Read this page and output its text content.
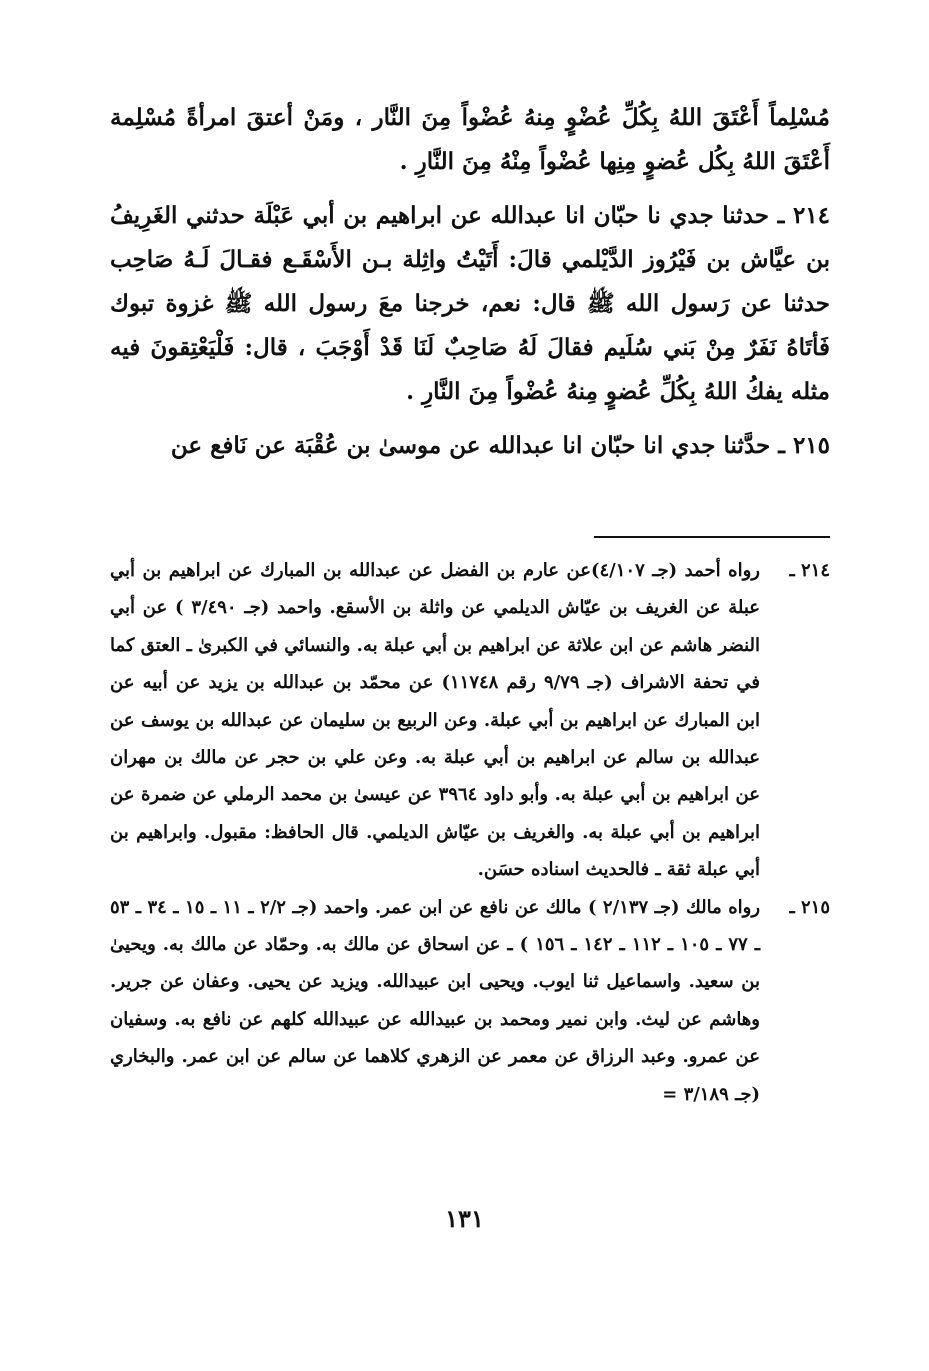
مُسْلِماً أَعْتَقَ اللهُ بِكُلِّ عُضْوٍ مِنهُ عُضْواً مِنَ النَّار ، ومَنْ أعتقَ امرأةً مُسْلِمة أَعْتَقَ اللهُ بِكُل عُضوٍ مِنِها عُضْواً مِنْهُ مِنَ النَّارِ .

٢١٤ ـ حدثنا جدي نا حبّان انا عبدالله عن ابراهيم بن أبي عَبْلَة حدثني الغَرِيفُ بن عيَّاش بن فَيْرُوز الدَّيْلمي قالَ: أَتَيْتُ واثِلة بـن الأَسْقَـع فقـالَ لَـهُ صَاحِب حدثنا عن رَسول الله ﷺ قال: نعم، خرجنا معَ رسول الله ﷺ غزوة تبوك فَأتَاهُ نَفَرٌ مِنْ بَني سُلَيم فقالَ لَهُ صَاحِبٌ لَنَا قَدْ أَوْجَبَ ، قال: فَلْيَعْتِقونَ فيه مثله يفكُ اللهُ بِكُلِّ عُضوٍ مِنهُ عُضْواً مِنَ النَّارِ .

٢١٥ ـ حدَّثنا جدي انا حبّان انا عبدالله عن موسىٰ بن عُقْبَة عن نَافع عن

٢١٤ ـ
رواه أحمد (جـ ٤/١٠٧)عن عارم بن الفضل عن عبدالله بن المبارك عن ابراهيم بن أبي عبلة عن الغريف بن عيّاش الديلمي عن واثلة بن الأسقع. واحمد (جـ ٣/٤٩٠ ) عن أبي النضر هاشم عن ابن علاثة عن ابراهيم بن أبي عبلة به. والنسائي في الكبرىٰ ـ العتق كما في تحفة الاشراف (جـ ٩/٧٩ رقم ١١٧٤٨) عن محمّد بن عبدالله بن يزيد عن أبيه عن ابن المبارك عن ابراهيم بن أبي عبلة. وعن الربيع بن سليمان عن عبدالله بن يوسف عن عبدالله بن سالم عن ابراهيم بن أبي عبلة به. وعن علي بن حجر عن مالك بن مهران عن ابراهيم بن أبي عبلة به. وأبو داود ٣٩٦٤ عن عيسىٰ بن محمد الرملي عن ضمرة عن ابراهيم بن أبي عبلة به. والغريف بن عيّاش الديلمي. قال الحافظ: مقبول. وابراهيم بن أبي عبلة ثقة ـ فالحديث اسناده حسَن.
٢١٥ ـ
رواه مالك (جـ ٢/١٣٧ ) مالك عن نافع عن ابن عمر. واحمد (جـ ٢/٢ ـ ١١ ـ ١٥ ـ ٣٤ ـ ٥٣ ـ ٧٧ ـ ١٠٥ ـ ١١٢ ـ ١٤٢ ـ ١٥٦ ) ـ عن اسحاق عن مالك به. وحمّاد عن مالك به. ويحيىٰ بن سعيد. واسماعيل ثنا ايوب. ويحيى ابن عبيدالله. ويزيد عن يحيى. وعفان عن جرير. وهاشم عن ليث. وابن نمير ومحمد بن عبيدالله عن عبيدالله كلهم عن نافع به. وسفيان عن عمرو. وعبد الرزاق عن معمر عن الزهري كلاهما عن سالم عن ابن عمر. والبخاري (جـ ٣/١٨٩ =
١٣١
